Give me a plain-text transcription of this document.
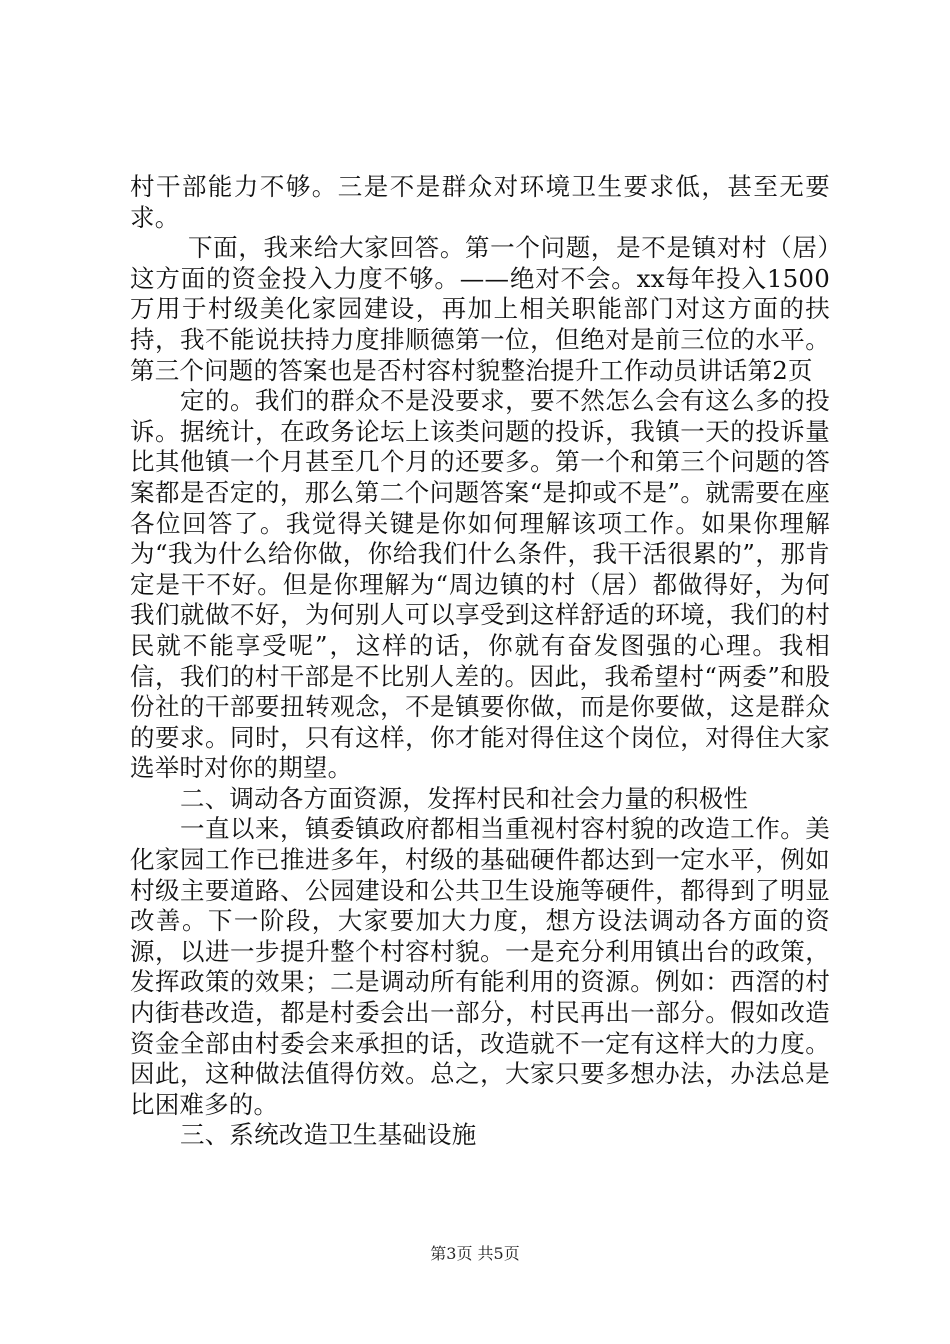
村干部能力不够。三是不是群众对环境卫生要求低，甚至无要求。

下面，我来给大家回答。第一个问题，是不是镇对村（居）这方面的资金投入力度不够。——绝对不会。xx每年投入1500万用于村级美化家园建设，再加上相关职能部门对这方面的扶持，我不能说扶持力度排顺德第一位，但绝对是前三位的水平。第三个问题的答案也是否村容村貌整治提升工作动员讲话第2页

定的。我们的群众不是没要求，要不然怎么会有这么多的投诉。据统计，在政务论坛上该类问题的投诉，我镇一天的投诉量比其他镇一个月甚至几个月的还要多。第一个和第三个问题的答案都是否定的，那么第二个问题答案“是抑或不是”。就需要在座各位回答了。我觉得关键是你如何理解该项工作。如果你理解为“我为什么给你做，你给我们什么条件，我干活很累的”，那肯定是干不好。但是你理解为“周边镇的村（居）都做得好，为何我们就做不好，为何别人可以享受到这样舒适的环境，我们的村民就不能享受呢”，这样的话，你就有奋发图强的心理。我相信，我们的村干部是不比别人差的。因此，我希望村“两委”和股份社的干部要扭转观念，不是镇要你做，而是你要做，这是群众的要求。同时，只有这样，你才能对得住这个岗位，对得住大家选举时对你的期望。

二、调动各方面资源，发挥村民和社会力量的积极性

一直以来，镇委镇政府都相当重视村容村貌的改造工作。美化家园工作已推进多年，村级的基础硬件都达到一定水平，例如村级主要道路、公园建设和公共卫生设施等硬件，都得到了明显改善。下一阶段，大家要加大力度，想方设法调动各方面的资源，以进一步提升整个村容村貌。一是充分利用镇出台的政策，发挥政策的效果；二是调动所有能利用的资源。例如：西滘的村内街巷改造，都是村委会出一部分，村民再出一部分。假如改造资金全部由村委会来承担的话，改造就不一定有这样大的力度。因此，这种做法值得仿效。总之，大家只要多想办法，办法总是比困难多的。

三、系统改造卫生基础设施

第3页 共5页
